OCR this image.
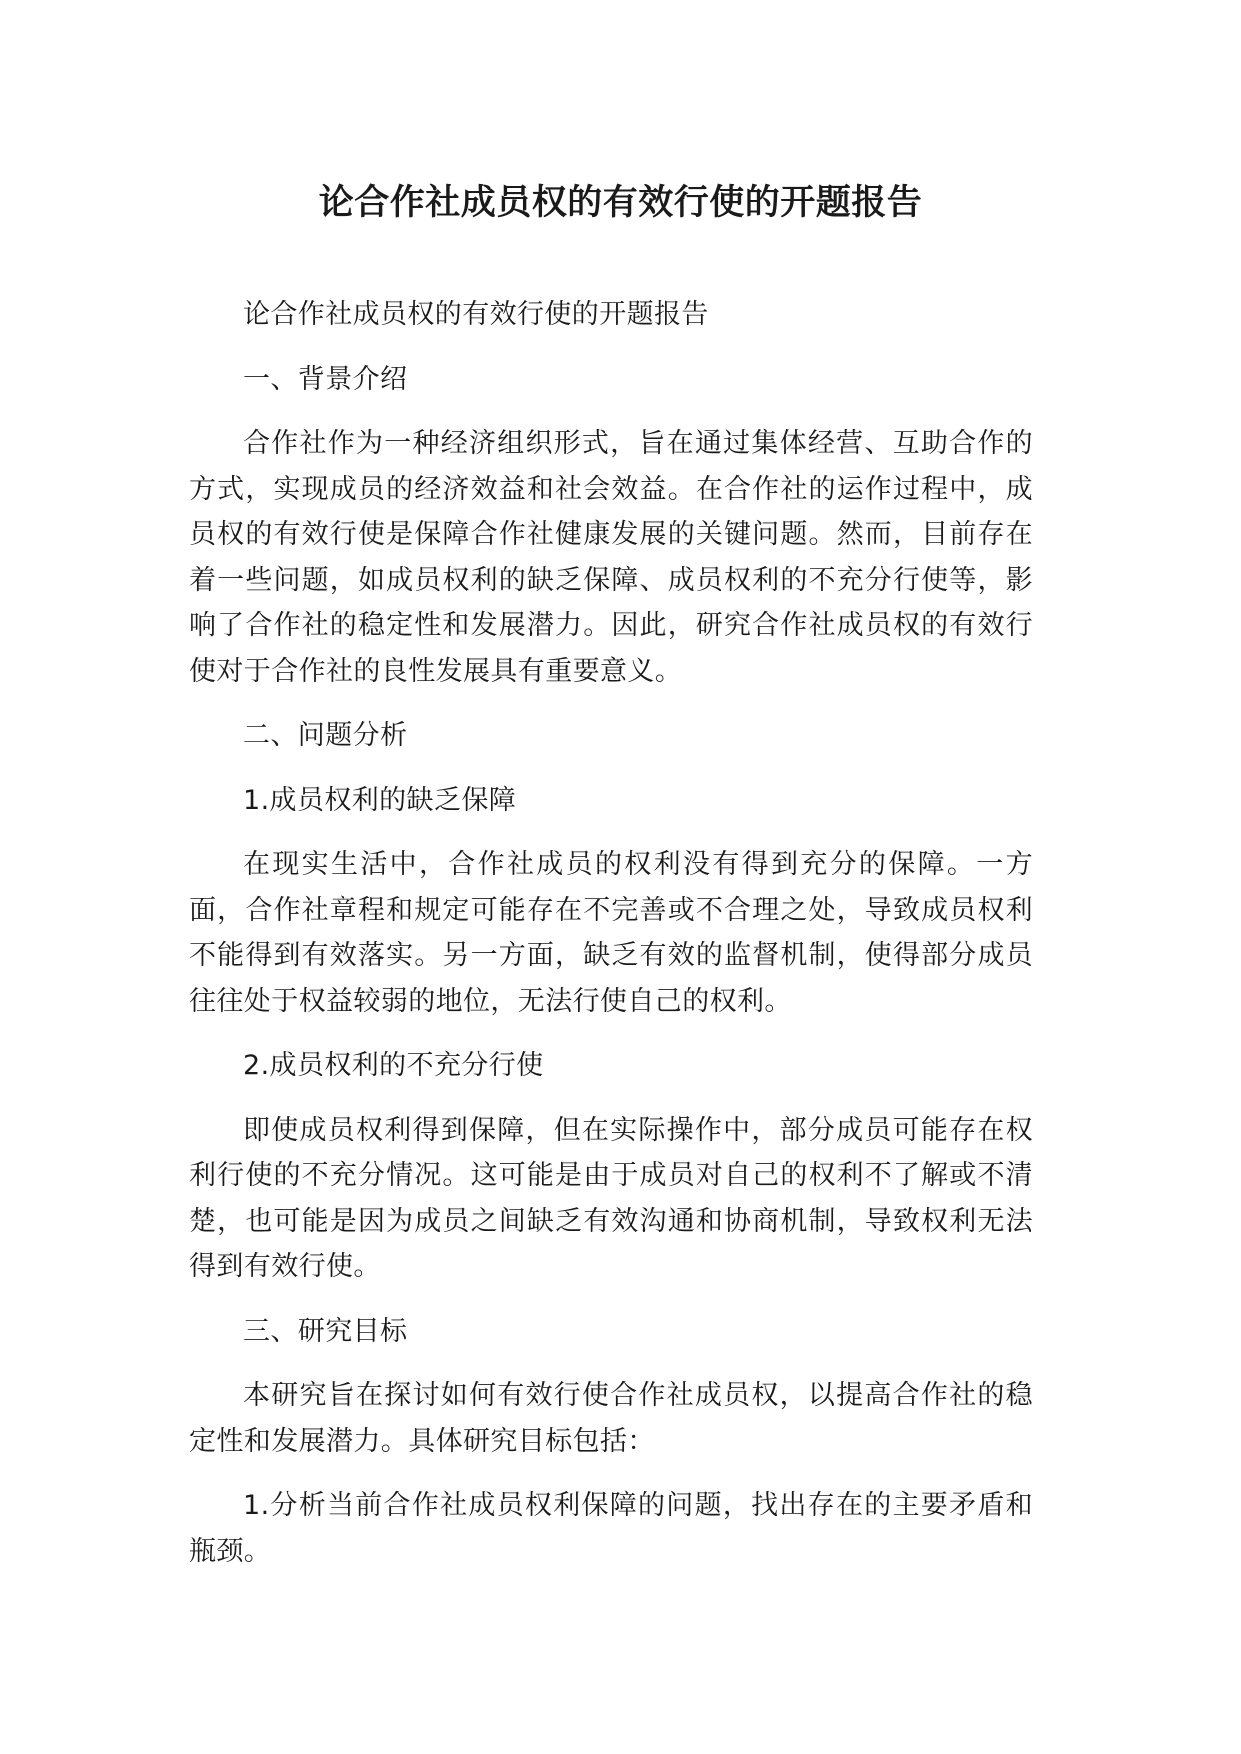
论合作社成员权的有效行使的开题报告

论合作社成员权的有效行使的开题报告

一、背景介绍

合作社作为一种经济组织形式，旨在通过集体经营、互助合作的方式，实现成员的经济效益和社会效益。在合作社的运作过程中，成员权的有效行使是保障合作社健康发展的关键问题。然而，目前存在着一些问题，如成员权利的缺乏保障、成员权利的不充分行使等，影响了合作社的稳定性和发展潜力。因此，研究合作社成员权的有效行使对于合作社的良性发展具有重要意义。

二、问题分析

1.成员权利的缺乏保障

在现实生活中，合作社成员的权利没有得到充分的保障。一方面，合作社章程和规定可能存在不完善或不合理之处，导致成员权利不能得到有效落实。另一方面，缺乏有效的监督机制，使得部分成员往往处于权益较弱的地位，无法行使自己的权利。

2.成员权利的不充分行使

即使成员权利得到保障，但在实际操作中，部分成员可能存在权利行使的不充分情况。这可能是由于成员对自己的权利不了解或不清楚，也可能是因为成员之间缺乏有效沟通和协商机制，导致权利无法得到有效行使。

三、研究目标

本研究旨在探讨如何有效行使合作社成员权，以提高合作社的稳定性和发展潜力。具体研究目标包括：

1.分析当前合作社成员权利保障的问题，找出存在的主要矛盾和瓶颈。
